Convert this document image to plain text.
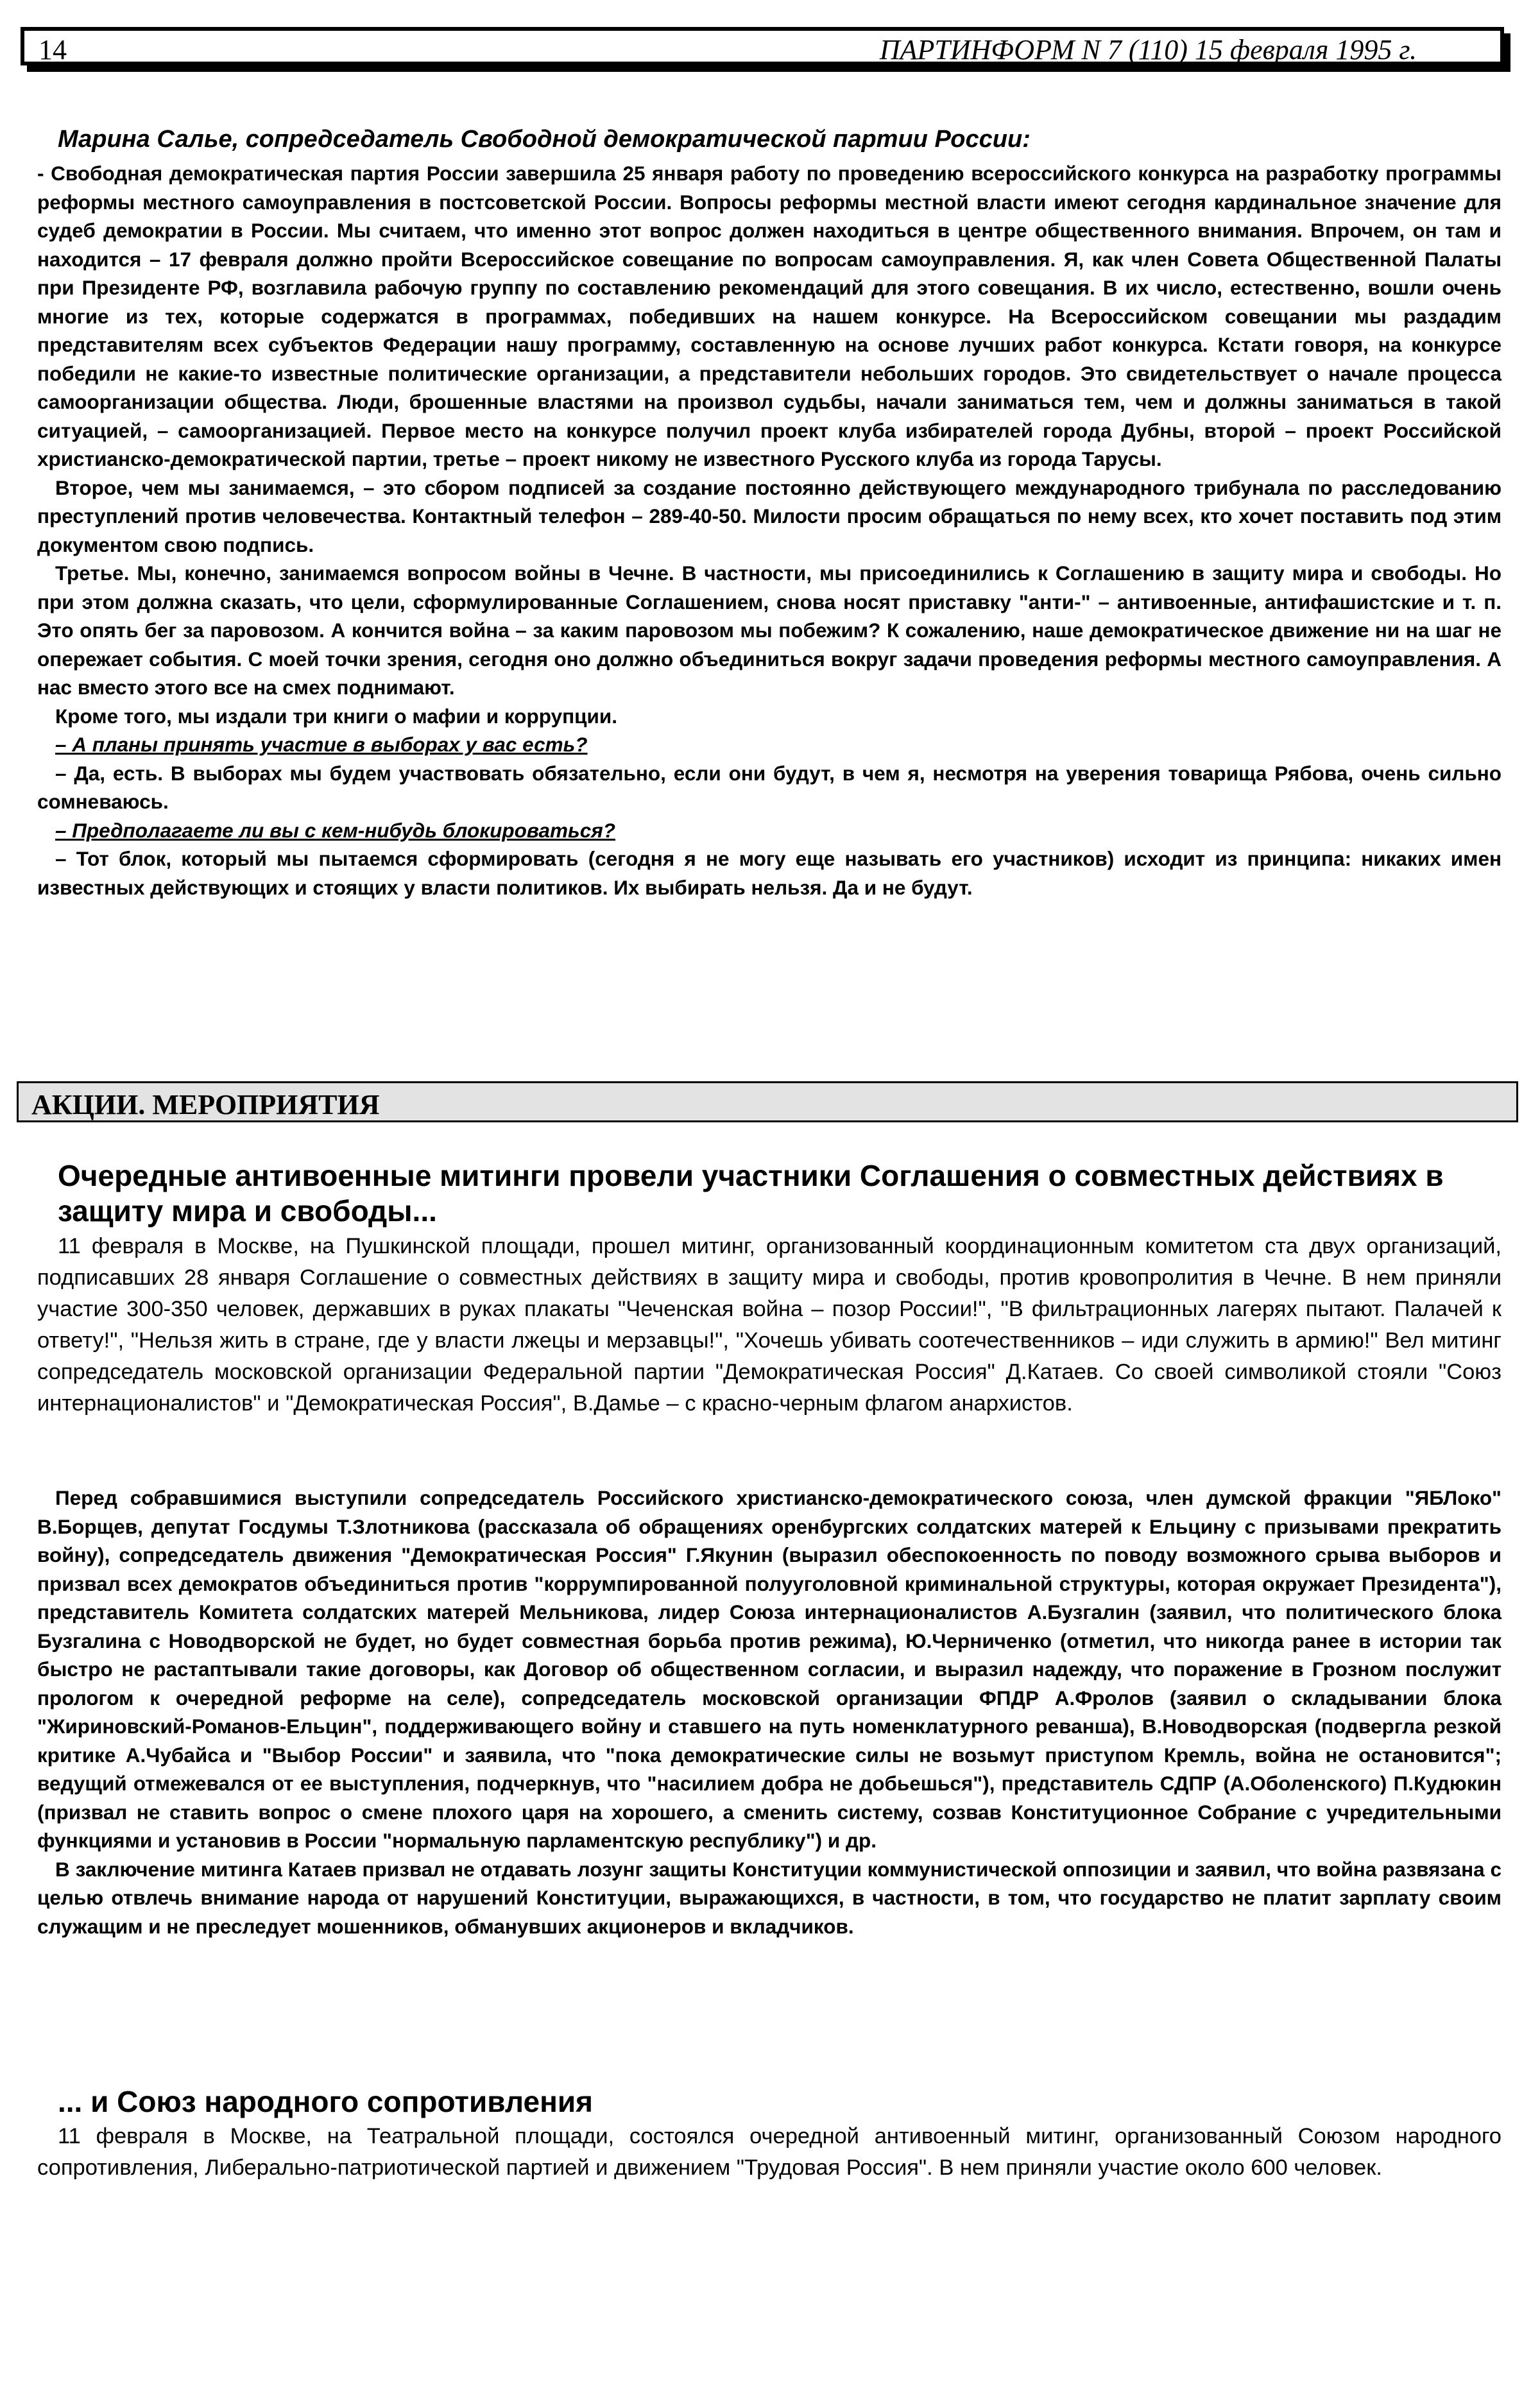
14	ПАРТИНФОРМ N 7 (110) 15 февраля 1995 г.
Марина Салье, сопредседатель Свободной демократической партии России:

- Свободная демократическая партия России завершила 25 января работу по проведению всероссийского конкурса на разработку программы реформы местного самоуправления в постсоветской России. Вопросы реформы местной власти имеют сегодня кардинальное значение для судеб демократии в России. Мы считаем, что именно этот вопрос должен находиться в центре общественного внимания. Впрочем, он там и находится – 17 февраля должно пройти Всероссийское совещание по вопросам самоуправления. Я, как член Совета Общественной Палаты при Президенте РФ, возглавила рабочую группу по составлению рекомендаций для этого совещания. В их число, естественно, вошли очень многие из тех, которые содержатся в программах, победивших на нашем конкурсе. На Всероссийском совещании мы раздадим представителям всех субъектов Федерации нашу программу, составленную на основе лучших работ конкурса. Кстати говоря, на конкурсе победили не какие-то известные политические организации, а представители небольших городов. Это свидетельствует о начале процесса самоорганизации общества. Люди, брошенные властями на произвол судьбы, начали заниматься тем, чем и должны заниматься в такой ситуацией, – самоорганизацией. Первое место на конкурсе получил проект клуба избирателей города Дубны, второй – проект Российской христианско-демократической партии, третье – проект никому не известного Русского клуба из города Тарусы.

Второе, чем мы занимаемся, – это сбором подписей за создание постоянно действующего международного трибунала по расследованию преступлений против человечества. Контактный телефон – 289-40-50. Милости просим обращаться по нему всех, кто хочет поставить под этим документом свою подпись.

Третье. Мы, конечно, занимаемся вопросом войны в Чечне. В частности, мы присоединились к Соглашению в защиту мира и свободы. Но при этом должна сказать, что цели, сформулированные Соглашением, снова носят приставку "анти-" – антивоенные, антифашистские и т. п. Это опять бег за паровозом. А кончится война – за каким паровозом мы побежим? К сожалению, наше демократическое движение ни на шаг не опережает события. С моей точки зрения, сегодня оно должно объединиться вокруг задачи проведения реформы местного самоуправления. А нас вместо этого все на смех поднимают.

Кроме того, мы издали три книги о мафии и коррупции.

– А планы принять участие в выборах у вас есть?

– Да, есть. В выборах мы будем участвовать обязательно, если они будут, в чем я, несмотря на уверения товарища Рябова, очень сильно сомневаюсь.

– Предполагаете ли вы с кем-нибудь блокироваться?

– Тот блок, который мы пытаемся сформировать (сегодня я не могу еще называть его участников) исходит из принципа: никаких имен известных действующих и стоящих у власти политиков. Их выбирать нельзя. Да и не будут.

АКЦИИ. МЕРОПРИЯТИЯ
Очередные антивоенные митинги провели участники Соглашения о совместных действиях в защиту мира и свободы...

11 февраля в Москве, на Пушкинской площади, прошел митинг, организованный координационным комитетом ста двух организаций, подписавших 28 января Соглашение о совместных действиях в защиту мира и свободы, против кровопролития в Чечне. В нем приняли участие 300-350 человек, державших в руках плакаты "Чеченская война – позор России!", "В фильтрационных лагерях пытают. Палачей к ответу!", "Нельзя жить в стране, где у власти лжецы и мерзавцы!", "Хочешь убивать соотечественников – иди служить в армию!" Вел митинг сопредседатель московской организации Федеральной партии "Демократическая Россия" Д.Катаев. Со своей символикой стояли "Союз интернационалистов" и "Демократическая Россия", В.Дамье – с красно-черным флагом анархистов.

Перед собравшимися выступили сопредседатель Российского христианско-демократического союза, член думской фракции "ЯБЛоко" В.Борщев, депутат Госдумы Т.Злотникова (рассказала об обращениях оренбургских солдатских матерей к Ельцину с призывами прекратить войну), сопредседатель движения "Демократическая Россия" Г.Якунин (выразил обеспокоенность по поводу возможного срыва выборов и призвал всех демократов объединиться против "коррумпированной полууголовной криминальной структуры, которая окружает Президента"), представитель Комитета солдатских матерей Мельникова, лидер Союза интернационалистов А.Бузгалин (заявил, что политического блока Бузгалина с Новодворской не будет, но будет совместная борьба против режима), Ю.Черниченко (отметил, что никогда ранее в истории так быстро не растаптывали такие договоры, как Договор об общественном согласии, и выразил надежду, что поражение в Грозном послужит прологом к очередной реформе на селе), сопредседатель московской организации ФПДР А.Фролов (заявил о складывании блока "Жириновский-Романов-Ельцин", поддерживающего войну и ставшего на путь номенклатурного реванша), В.Новодворская (подвергла резкой критике А.Чубайса и "Выбор России" и заявила, что "пока демократические силы не возьмут приступом Кремль, война не остановится"; ведущий отмежевался от ее выступления, подчеркнув, что "насилием добра не добьешься"), представитель СДПР (А.Оболенского) П.Кудюкин (призвал не ставить вопрос о смене плохого царя на хорошего, а сменить систему, созвав Конституционное Собрание с учредительными функциями и установив в России "нормальную парламентскую республику") и др.

В заключение митинга Катаев призвал не отдавать лозунг защиты Конституции коммунистической оппозиции и заявил, что война развязана с целью отвлечь внимание народа от нарушений Конституции, выражающихся, в частности, в том, что государство не платит зарплату своим служащим и не преследует мошенников, обманувших акционеров и вкладчиков.

... и Союз народного сопротивления

11 февраля в Москве, на Театральной площади, состоялся очередной антивоенный митинг, организованный Союзом народного сопротивления, Либерально-патриотической партией и движением "Трудовая Россия". В нем приняли участие около 600 человек.
